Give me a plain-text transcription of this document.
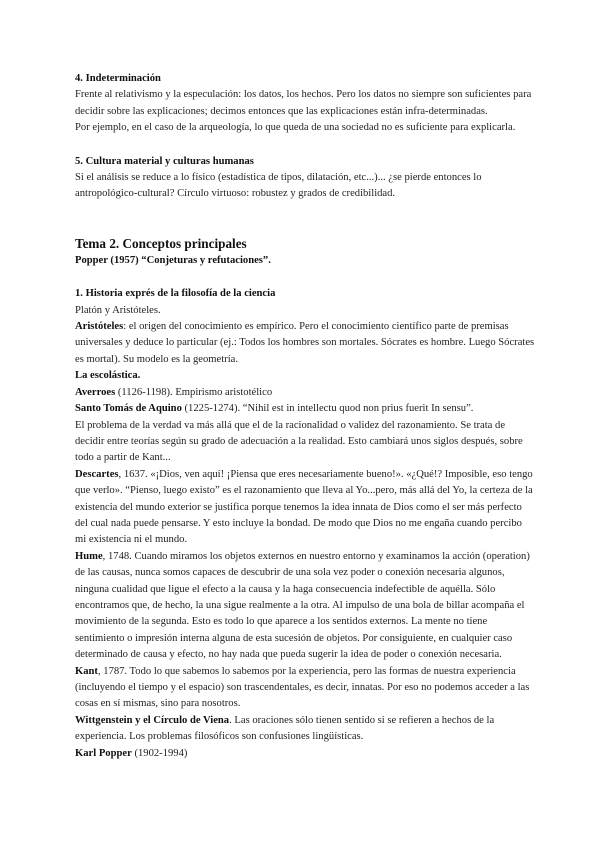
4. Indeterminación

Frente al relativismo y la especulación: los datos, los hechos. Pero los datos no siempre son suficientes para decidir sobre las explicaciones; decimos entonces que las explicaciones están infra-determinadas.

Por ejemplo, en el caso de la arqueología, lo que queda de una sociedad no es suficiente para explicarla.

5. Cultura material y culturas humanas

Si el análisis se reduce a lo físico (estadística de tipos, dilatación, etc...)... ¿se pierde entonces lo antropológico-cultural? Círculo virtuoso: robustez y grados de credibilidad.

Tema 2. Conceptos principales

Popper (1957) “Conjeturas y refutaciones”.

1. Historia exprés de la filosofía de la ciencia

Platón y Aristóteles.

Aristóteles: el origen del conocimiento es empírico. Pero el conocimiento científico parte de premisas universales y deduce lo particular (ej.: Todos los hombres son mortales. Sócrates es hombre. Luego Sócrates es mortal). Su modelo es la geometría.

La escolástica.

Averroes (1126-1198). Empirismo aristotélico

Santo Tomás de Aquino (1225-1274). “Nihil est in intellectu quod non prius fuerit In sensu”.

El problema de la verdad va más allá que el de la racionalidad o validez del razonamiento. Se trata de decidir entre teorías según su grado de adecuación a la realidad. Esto cambiará unos siglos después, sobre todo a partir de Kant...

Descartes, 1637. «¡Dios, ven aquí! ¡Piensa que eres necesariamente bueno!». «¿Qué!? Imposible, eso tengo que verlo». “Pienso, luego existo” es el razonamiento que lleva al Yo...pero, más allá del Yo, la certeza de la existencia del mundo exterior se justifica porque tenemos la idea innata de Dios como el ser más perfecto del cual nada puede pensarse. Y esto incluye la bondad. De modo que Dios no me engaña cuando percibo mi existencia ni el mundo.

Hume, 1748. Cuando miramos los objetos externos en nuestro entorno y examinamos la acción (operation) de las causas, nunca somos capaces de descubrir de una sola vez poder o conexión necesaria algunos, ninguna cualidad que ligue el efecto a la causa y la haga consecuencia indefectible de aquélla. Sólo encontramos que, de hecho, la una sigue realmente a la otra. Al impulso de una bola de billar acompaña el movimiento de la segunda. Esto es todo lo que aparece a los sentidos externos. La mente no tiene sentimiento o impresión interna alguna de esta sucesión de objetos. Por consiguiente, en cualquier caso determinado de causa y efecto, no hay nada que pueda sugerir la idea de poder o conexión necesaria.

Kant, 1787. Todo lo que sabemos lo sabemos por la experiencia, pero las formas de nuestra experiencia (incluyendo el tiempo y el espacio) son trascendentales, es decir, innatas. Por eso no podemos acceder a las cosas en sí mismas, sino para nosotros.

Wittgenstein y el Círculo de Viena. Las oraciones sólo tienen sentido si se refieren a hechos de la experiencia. Los problemas filosóficos son confusiones lingüísticas.

Karl Popper (1902-1994)
